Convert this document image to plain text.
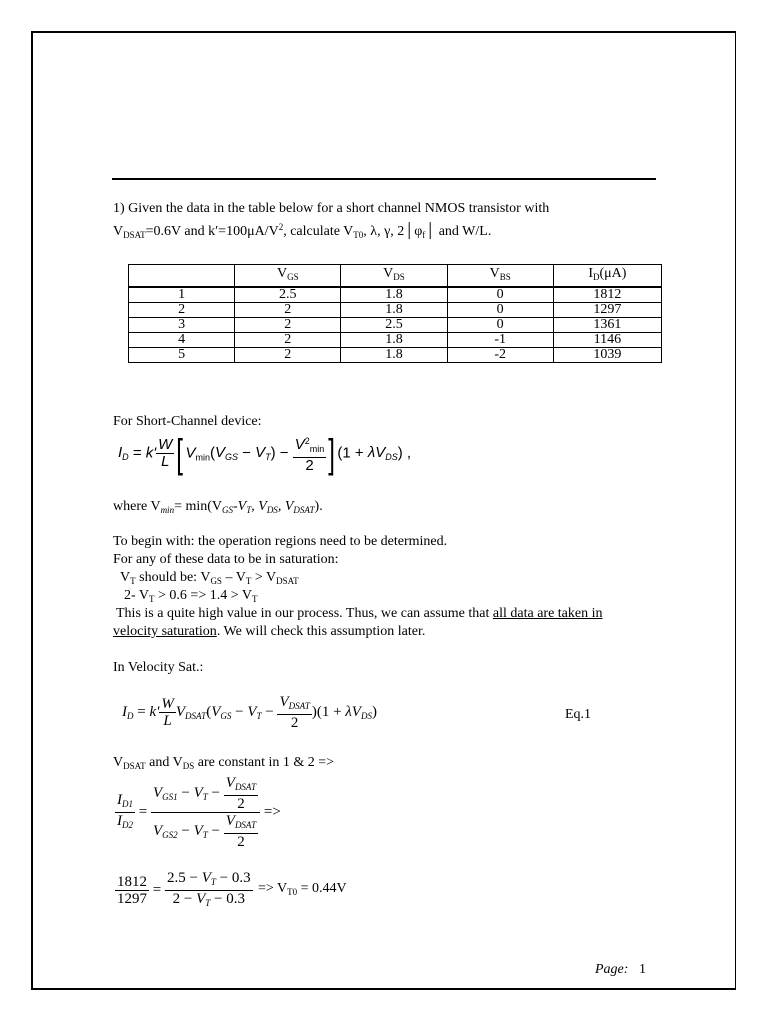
1) Given the data in the table below for a short channel NMOS transistor with
$V_{DSAT}=0.6V$ and $k'=100\mu A/V^2$, calculate $V_{T0}$, λ, γ, $2│\varphi_f│$ and W/L.
	$V_{GS}$	$V_{DS}$	$V_{BS}$	$I_D(\mu A)$
1	2.5	1.8	0	1812
2	2	1.8	0	1297
3	2	2.5	0	1361
4	2	1.8	-1	1146
5	2	1.8	-2	1039
For Short-Channel device:
$I_D = k' \frac{W}{L}$ [ $V_{min}(V_{GS} - V_T) - \frac{V^2_{min}}{2}$ ] $(1 + \lambda V_{DS})$ ,
where $V_{min}= \min(V_{GS}-V_T$, $V_{DS}$, $V_{DSAT}$).
To begin with: the operation regions need to be determined.
For any of these data to be in saturation:
$V_T$ should be: $V_{GS} - V_T > V_{DSAT}$
2- $V_T > 0.6 => 1.4 > V_T$
This is a quite high value in our process. Thus, we can assume that all data are taken in
velocity saturation. We will check this assumption later.
In Velocity Sat.:
$I_D = k' \frac{W}{L} V_{DSAT}(V_{GS} - V_T - \frac{V_{DSAT}}{2} )(1 + \lambda V_{DS})$	Eq.1
$V_{DSAT}$ and $V_{DS}$ are constant in 1 & 2 =>
$\frac{I_{D1}}{I_{D2}} = \frac{V_{GS1} - V_T - \frac{V_{DSAT}}{2}}{V_{GS2} - V_T - \frac{V_{DSAT}}{2}}$ =>
$\frac{1812}{1297} = \frac{2.5 - V_T - 0.3}{2 - V_T - 0.3} => V_{T0} = 0.44V$
Page: 1
